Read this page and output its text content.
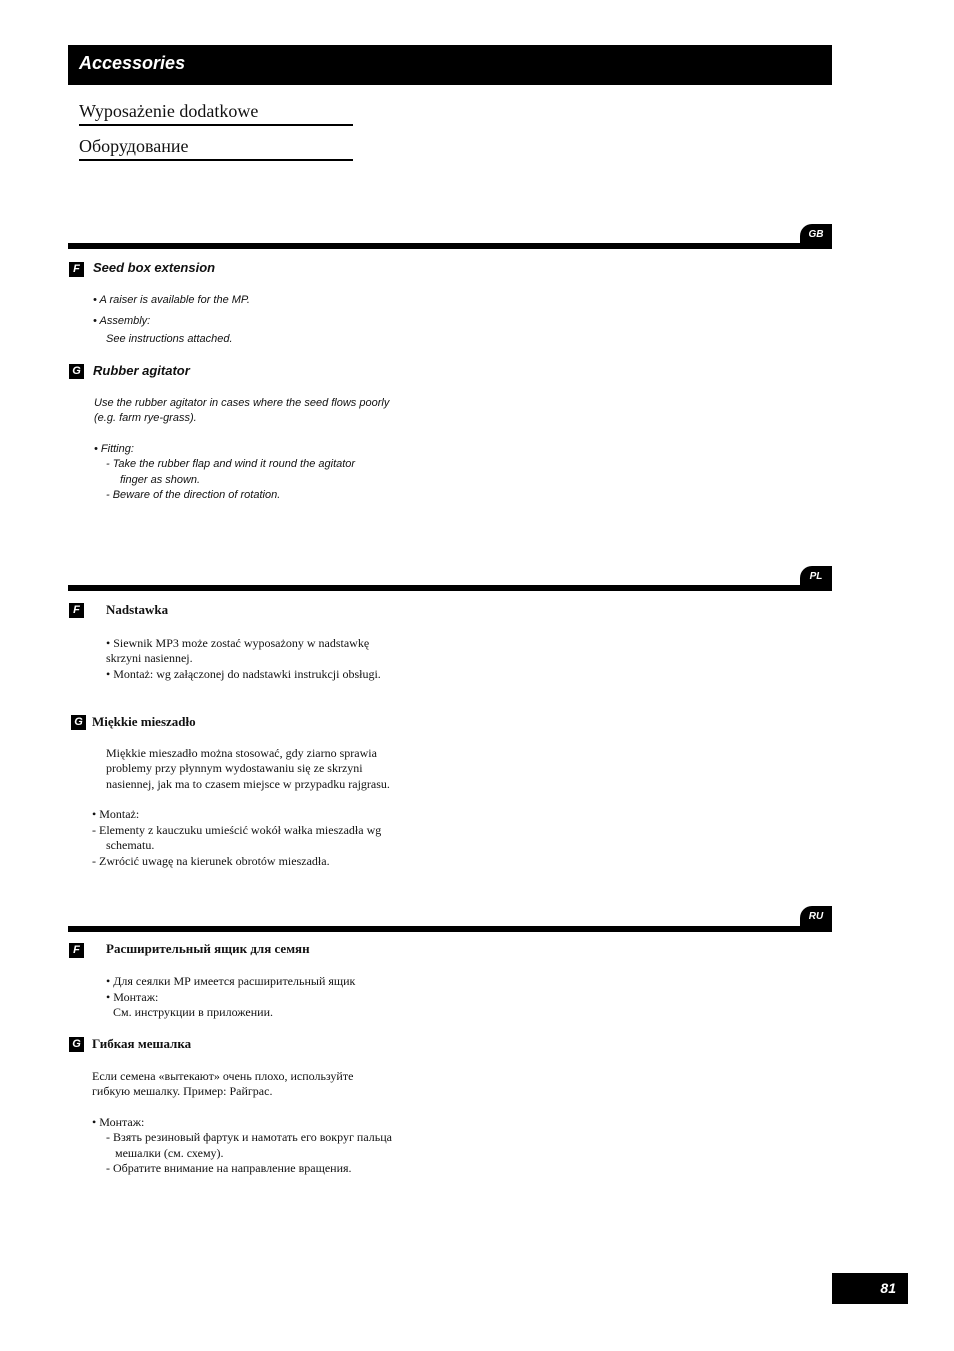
Accessories
Wyposażenie dodatkowe
Оборудование
GB
F	Seed box extension
• A raiser is available for the MP.
• Assembly:
See instructions attached.
G Rubber agitator
Use the rubber agitator in cases where the seed flows poorly
(e.g. farm rye-grass).
• Fitting:
- Take the rubber flap and wind it round the agitator
finger as shown.
- Beware of the direction of rotation.
PL
F	Nadstawka
• Siewnik MP3 może zostać wyposażony w nadstawkę
skrzyni nasiennej.
• Montaż: wg załączonej do nadstawki instrukcji obsługi.
G Miękkie mieszadło
Miękkie mieszadło można stosować, gdy ziarno sprawia
problemy przy płynnym wydostawaniu się ze skrzyni
nasiennej, jak ma to czasem miejsce w przypadku rajgrasu.
• Montaż:
- Elementy z kauczuku umieścić wokół wałka mieszadła wg
schematu.
- Zwrócić uwagę na kierunek obrotów mieszadła.
RU
F	Расширительный ящик для семян
• Для сеялки МР имеется расширительный ящик
• Монтаж:
См. инструкции в приложении.
G Гибкая мешалка
Если семена «вытекают» очень плохо, используйте
гибкую мешалку. Пример: Райграс.
• Монтаж:
- Взять резиновый фартук и намотать его вокруг пальца
мешалки (см. схему).
- Обратите внимание на направление вращения.
81
